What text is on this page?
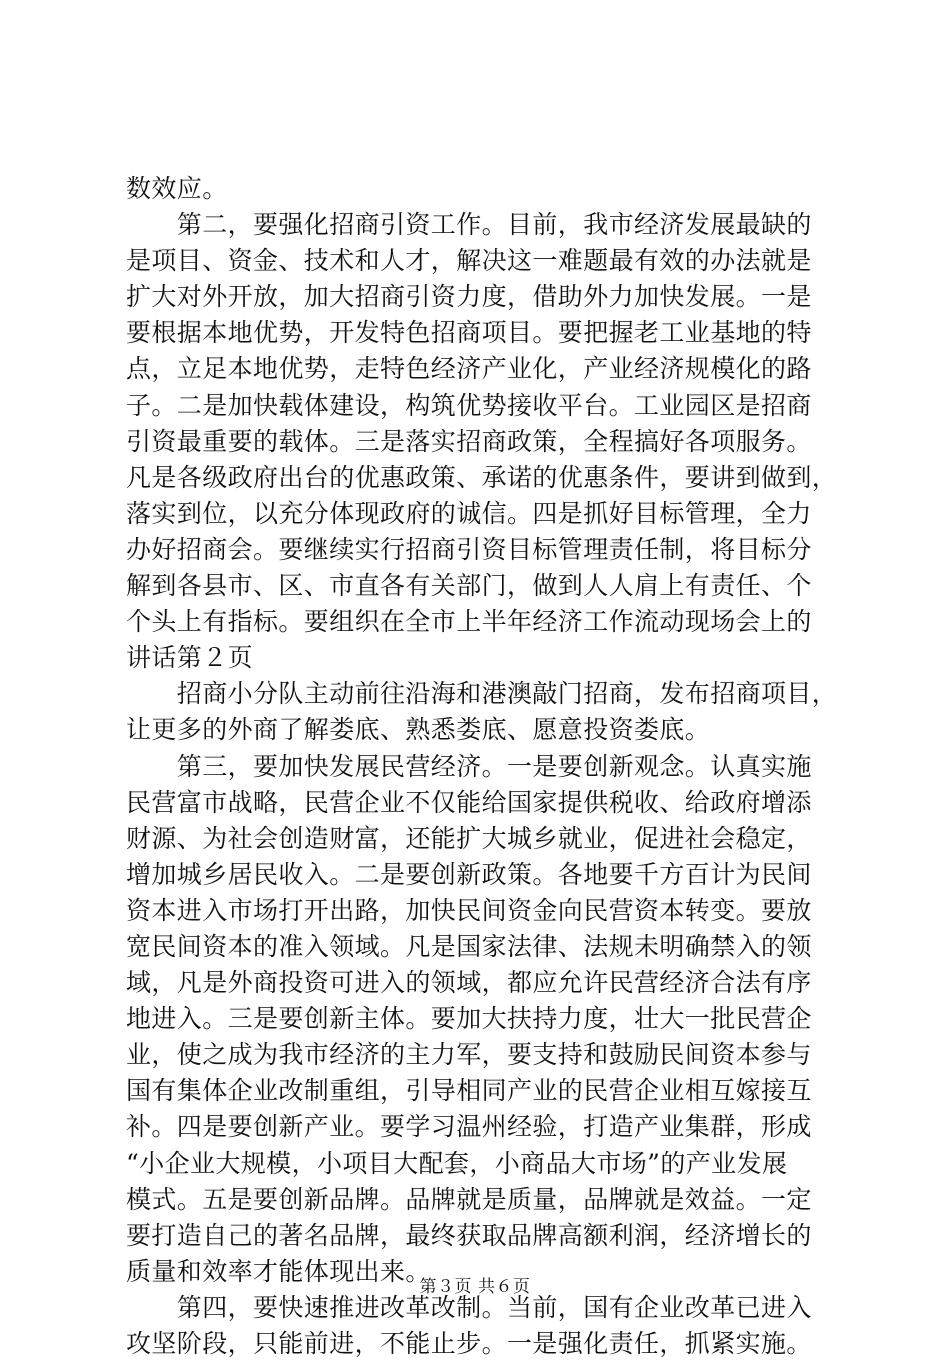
数效应。
　　第二，要强化招商引资工作。目前，我市经济发展最缺的
是项目、资金、技术和人才，解决这一难题最有效的办法就是
扩大对外开放，加大招商引资力度，借助外力加快发展。一是
要根据本地优势，开发特色招商项目。要把握老工业基地的特
点，立足本地优势，走特色经济产业化，产业经济规模化的路
子。二是加快载体建设，构筑优势接收平台。工业园区是招商
引资最重要的载体。三是落实招商政策，全程搞好各项服务。
凡是各级政府出台的优惠政策、承诺的优惠条件，要讲到做到，
落实到位，以充分体现政府的诚信。四是抓好目标管理，全力
办好招商会。要继续实行招商引资目标管理责任制，将目标分
解到各县市、区、市直各有关部门，做到人人肩上有责任、个
个头上有指标。要组织在全市上半年经济工作流动现场会上的
讲话第２页
　　招商小分队主动前往沿海和港澳敲门招商，发布招商项目，
让更多的外商了解娄底、熟悉娄底、愿意投资娄底。
　　第三，要加快发展民营经济。一是要创新观念。认真实施
民营富市战略，民营企业不仅能给国家提供税收、给政府增添
财源、为社会创造财富，还能扩大城乡就业，促进社会稳定，
增加城乡居民收入。二是要创新政策。各地要千方百计为民间
资本进入市场打开出路，加快民间资金向民营资本转变。要放
宽民间资本的准入领域。凡是国家法律、法规未明确禁入的领
域，凡是外商投资可进入的领域，都应允许民营经济合法有序
地进入。三是要创新主体。要加大扶持力度，壮大一批民营企
业，使之成为我市经济的主力军，要支持和鼓励民间资本参与
国有集体企业改制重组，引导相同产业的民营企业相互嫁接互
补。四是要创新产业。要学习温州经验，打造产业集群，形成
“小企业大规模，小项目大配套，小商品大市场”的产业发展
模式。五是要创新品牌。品牌就是质量，品牌就是效益。一定
要打造自己的著名品牌，最终获取品牌高额利润，经济增长的
质量和效率才能体现出来。
　　第四，要快速推进改革改制。当前，国有企业改革已进入
攻坚阶段，只能前进，不能止步。一是强化责任，抓紧实施。
第３页 共６页
